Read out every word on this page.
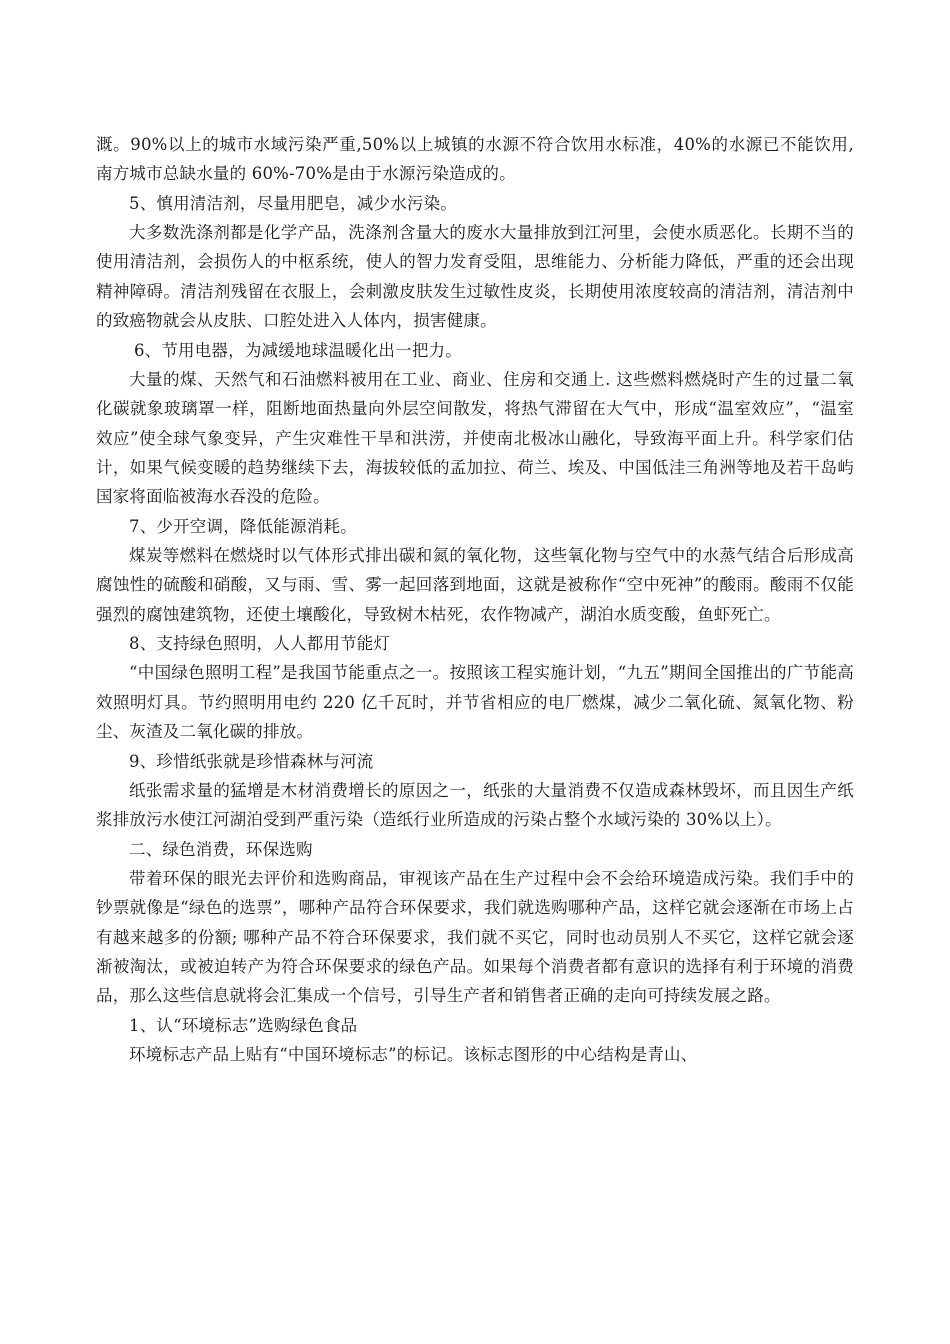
溉。90%以上的城市水域污染严重,50%以上城镇的水源不符合饮用水标准，40%的水源已不能饮用, 南方城市总缺水量的 60%-70%是由于水源污染造成的。

5、慎用清洁剂，尽量用肥皂，减少水污染。

大多数洗涤剂都是化学产品，洗涤剂含量大的废水大量排放到江河里，会使水质恶化。长期不当的使用清洁剂，会损伤人的中枢系统，使人的智力发育受阻，思维能力、分析能力降低，严重的还会出现精神障碍。清洁剂残留在衣服上，会刺激皮肤发生过敏性皮炎，长期使用浓度较高的清洁剂，清洁剂中的致癌物就会从皮肤、口腔处进入人体内，损害健康。

6、节用电器，为减缓地球温暖化出一把力。

大量的煤、天然气和石油燃料被用在工业、商业、住房和交通上. 这些燃料燃烧时产生的过量二氧化碳就象玻璃罩一样，阻断地面热量向外层空间散发，将热气滞留在大气中，形成“温室效应”，“温室效应”使全球气象变异，产生灾难性干旱和洪涝，并使南北极冰山融化，导致海平面上升。科学家们估计，如果气候变暖的趋势继续下去，海拔较低的孟加拉、荷兰、埃及、中国低洼三角洲等地及若干岛屿国家将面临被海水吞没的危险。

7、少开空调，降低能源消耗。

煤炭等燃料在燃烧时以气体形式排出碳和氮的氧化物，这些氧化物与空气中的水蒸气结合后形成高腐蚀性的硫酸和硝酸，又与雨、雪、雾一起回落到地面，这就是被称作“空中死神”的酸雨。酸雨不仅能强烈的腐蚀建筑物，还使土壤酸化，导致树木枯死，农作物减产，湖泊水质变酸，鱼虾死亡。

8、支持绿色照明，人人都用节能灯

“中国绿色照明工程”是我国节能重点之一。按照该工程实施计划，“九五”期间全国推出的广节能高效照明灯具。节约照明用电约 220 亿千瓦时，并节省相应的电厂燃煤，减少二氧化硫、氮氧化物、粉尘、灰渣及二氧化碳的排放。

9、珍惜纸张就是珍惜森林与河流

纸张需求量的猛增是木材消费增长的原因之一，纸张的大量消费不仅造成森林毁坏，而且因生产纸浆排放污水使江河湖泊受到严重污染（造纸行业所造成的污染占整个水域污染的 30%以上）。

二、绿色消费，环保选购

带着环保的眼光去评价和选购商品，审视该产品在生产过程中会不会给环境造成污染。我们手中的钞票就像是“绿色的选票”，哪种产品符合环保要求，我们就选购哪种产品，这样它就会逐渐在市场上占有越来越多的份额; 哪种产品不符合环保要求，我们就不买它，同时也动员别人不买它，这样它就会逐渐被淘汰，或被迫转产为符合环保要求的绿色产品。如果每个消费者都有意识的选择有利于环境的消费品，那么这些信息就将会汇集成一个信号，引导生产者和销售者正确的走向可持续发展之路。

1、认“环境标志”选购绿色食品

环境标志产品上贴有“中国环境标志”的标记。该标志图形的中心结构是青山、
